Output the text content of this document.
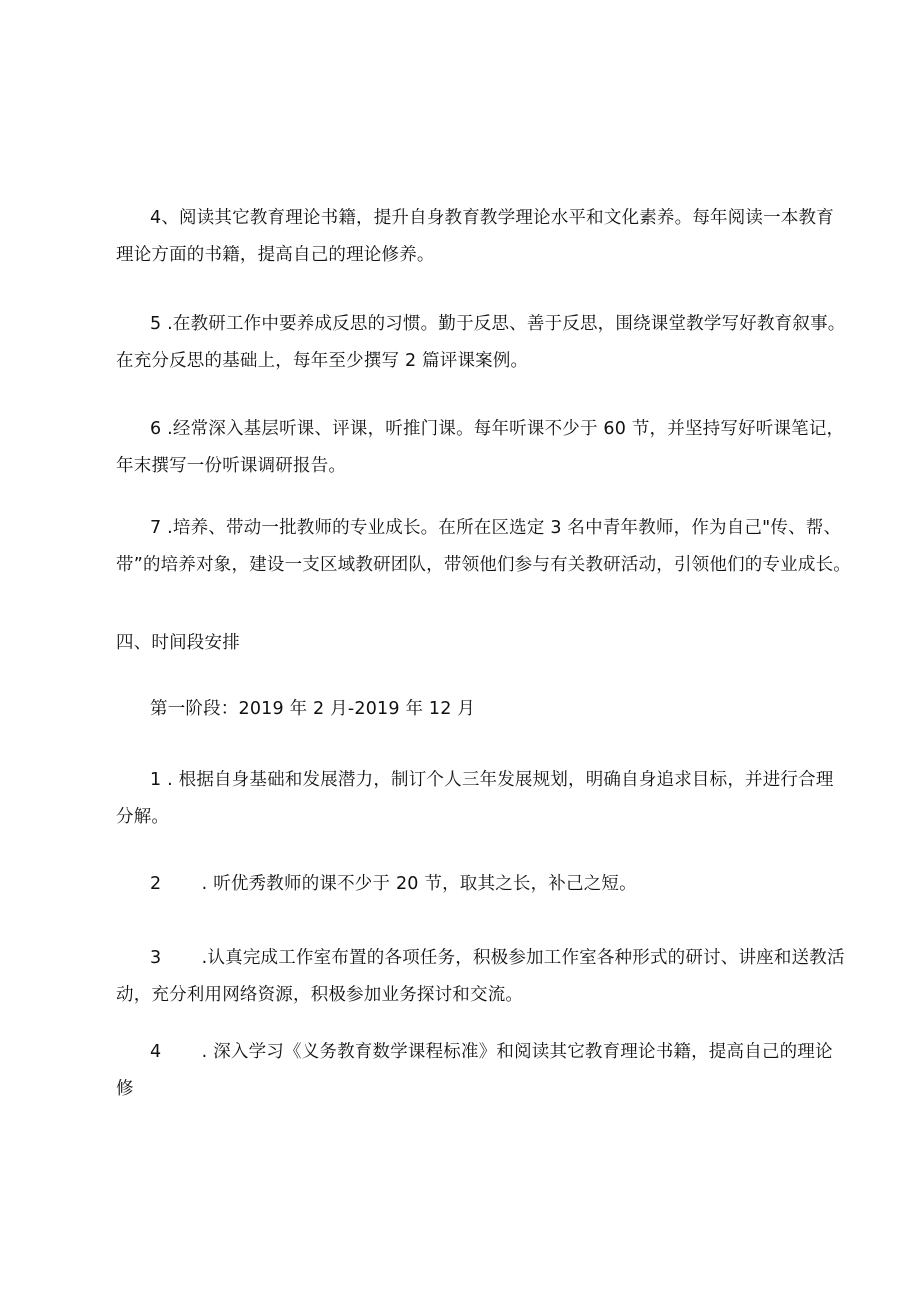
4、阅读其它教育理论书籍，提升自身教育教学理论水平和文化素养。每年阅读一本教育
理论方面的书籍，提高自己的理论修养。
5 .在教研工作中要养成反思的习惯。勤于反思、善于反思，围绕课堂教学写好教育叙事。
在充分反思的基础上，每年至少撰写 2 篇评课案例。
6 .经常深入基层听课、评课，听推门课。每年听课不少于 60 节，并坚持写好听课笔记，
年末撰写一份听课调研报告。
7 .培养、带动一批教师的专业成长。在所在区选定 3 名中青年教师，作为自己"传、帮、
带”的培养对象，建设一支区域教研团队，带领他们参与有关教研活动，引领他们的专业成长。
四、时间段安排
第一阶段：2019 年 2 月-2019 年 12 月
1 . 根据自身基础和发展潜力，制订个人三年发展规划，明确自身追求目标，并进行合理
分解。
2       . 听优秀教师的课不少于 20 节，取其之长，补己之短。
3       .认真完成工作室布置的各项任务，积极参加工作室各种形式的研讨、讲座和送教活
动，充分利用网络资源，积极参加业务探讨和交流。
4       . 深入学习《义务教育数学课程标准》和阅读其它教育理论书籍，提高自己的理论
修
